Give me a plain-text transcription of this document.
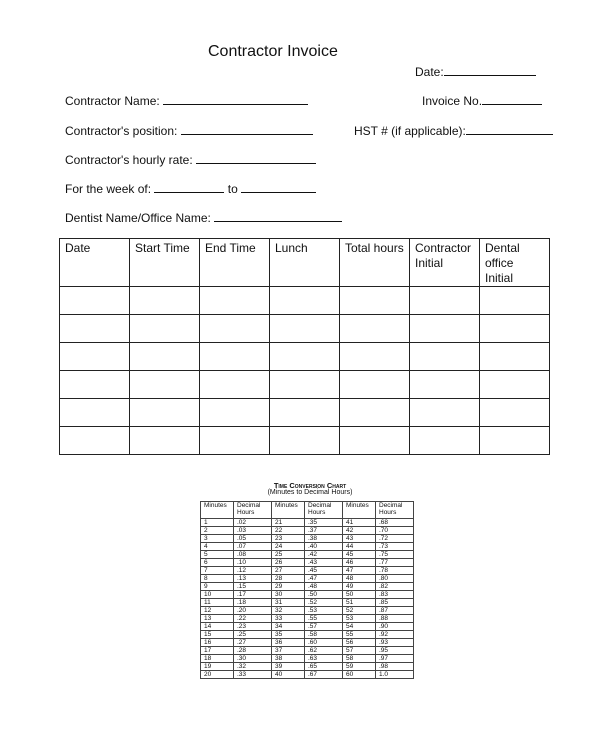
Contractor Invoice
Date:
Contractor Name:	Invoice No.
Contractor's position:	HST # (if applicable):
Contractor's hourly rate:
For the week of:	to
Dentist Name/Office Name:
Date	Start Time	End Time	Lunch	Total hours	Contractor Initial	Dental office Initial

Time Conversion Chart
(Minutes to Decimal Hours)
Minutes	Decimal Hours	Minutes	Decimal Hours	Minutes	Decimal Hours
1	.02	21	.35	41	.68
2	.03	22	.37	42	.70
3	.05	23	.38	43	.72
4	.07	24	.40	44	.73
5	.08	25	.42	45	.75
6	.10	26	.43	46	.77
7	.12	27	.45	47	.78
8	.13	28	.47	48	.80
9	.15	29	.48	49	.82
10	.17	30	.50	50	.83
11	.18	31	.52	51	.85
12	.20	32	.53	52	.87
13	.22	33	.55	53	.88
14	.23	34	.57	54	.90
15	.25	35	.58	55	.92
16	.27	36	.60	56	.93
17	.28	37	.62	57	.95
18	.30	38	.63	58	.97
19	.32	39	.65	59	.98
20	.33	40	.67	60	1.0
